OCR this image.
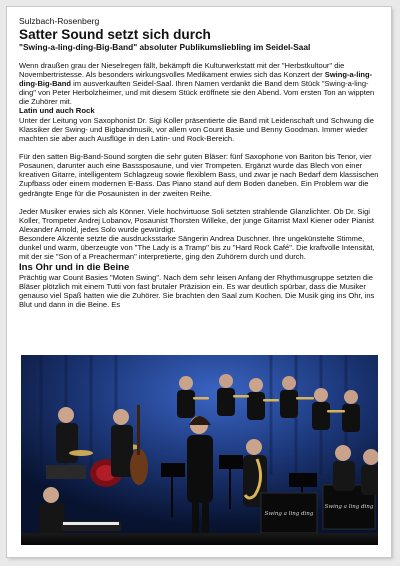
Sulzbach-Rosenberg
Satter Sound setzt sich durch
"Swing-a-ling-ding-Big-Band" absoluter Publikumsliebling im Seidel-Saal

Wenn draußen grau der Nieselregen fällt, bekämpft die Kulturwerkstatt mit der "Herbstkultour" die Novembertristesse. Als besonders wirkungsvolles Medikament erwies sich das Konzert der Swing-a-ling-ding-Big-Band im ausverkauften Seidel-Saal. Ihren Namen verdankt die Band dem Stück "Swing-a-ling-ding" von Peter Herbolzheimer, und mit diesem Stück eröffnete sie den Abend. Vom ersten Ton an wippten die Zuhörer mit.

Latin und auch Rock

Unter der Leitung von Saxophonist Dr. Sigi Koller präsentierte die Band mit Leidenschaft und Schwung die Klassiker der Swing- und Bigbandmusik, vor allem von Count Basie und Benny Goodman. Immer wieder machten sie aber auch Ausflüge in den Latin- und Rock-Bereich.

Für den satten Big-Band-Sound sorgten die sehr guten Bläser: fünf Saxophone von Bariton bis Tenor, vier Posaunen, darunter auch eine Basssposaune, und vier Trompeten. Ergänzt wurde das Blech von einer kreativen Gitarre, intelligentem Schlagzeug sowie flexiblem Bass, und zwar je nach Bedarf dem klassischen Zupfbass oder einem modernen E-Bass. Das Piano stand auf dem Boden daneben. Ein Problem war die gedrängte Enge für die Posaunisten in der zweiten Reihe.

Jeder Musiker erwies sich als Könner. Viele hochvirtuose Soli setzten strahlende Glanzlichter. Ob Dr. Sigi Koller, Trompeter Andrej Lobanov, Posaunist Thorsten Willeke, der junge Gitarrist Maxl Kiener oder Pianist Alexander Arnold, jedes Solo wurde gewürdigt.

Besondere Akzente setzte die ausdrucksstarke Sängerin Andrea Duschner. Ihre ungekünstelte Stimme, dunkel und warm, überzeugte von "The Lady is a Tramp" bis zu "Hard Rock Café". Die kraftvolle Intensität, mit der sie "Son of a Preacherman" interpretierte, ging den Zuhörern durch und durch.

Ins Ohr und in die Beine

Prächtig war Count Basies "Moten Swing". Nach dem sehr leisen Anfang der Rhythmusgruppe setzten die Bläser plötzlich mit einem Tutti von fast brutaler Präzision ein. Es war deutlich spürbar, dass die Musiker genauso viel Spaß hatten wie die Zuhörer. Sie brachten den Saal zum Kochen. Die Musik ging ins Ohr, ins Blut und dann in die Beine. Es

Swing a ling ding
Swing a ling ding
